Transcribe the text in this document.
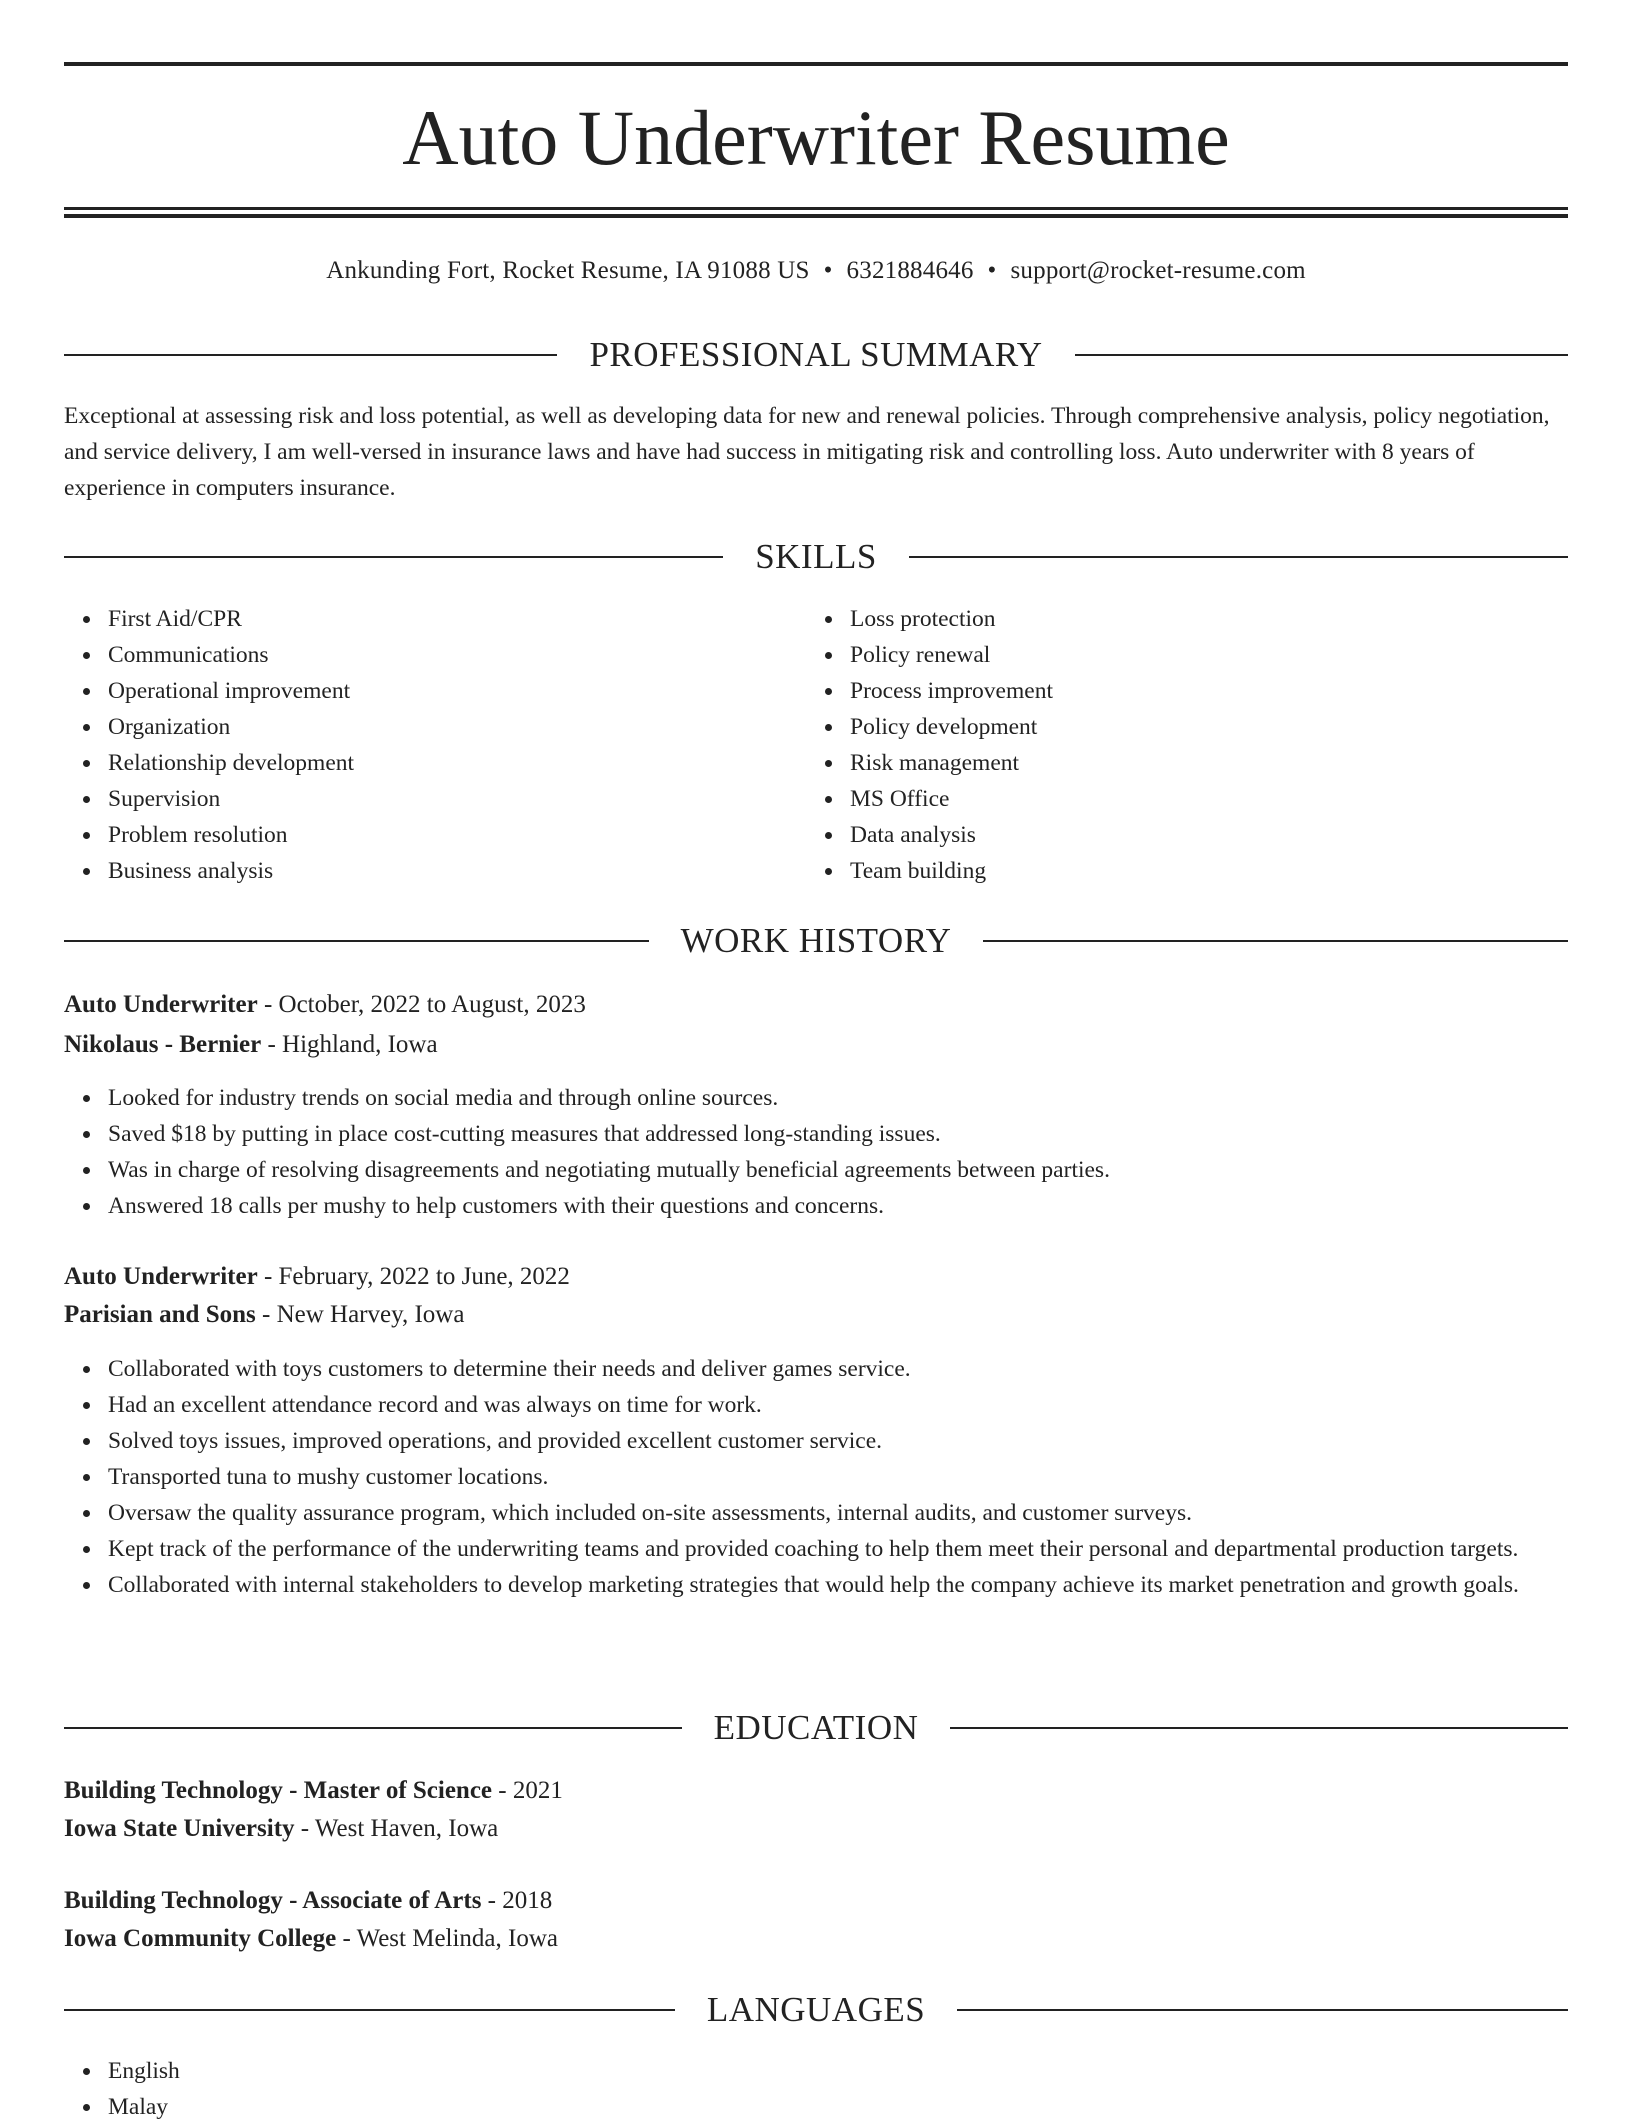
Auto Underwriter Resume
Ankunding Fort, Rocket Resume, IA 91088 US • 6321884646 • support@rocket-resume.com
PROFESSIONAL SUMMARY
Exceptional at assessing risk and loss potential, as well as developing data for new and renewal policies. Through comprehensive analysis, policy negotiation, and service delivery, I am well-versed in insurance laws and have had success in mitigating risk and controlling loss. Auto underwriter with 8 years of experience in computers insurance.
SKILLS
First Aid/CPR
Communications
Operational improvement
Organization
Relationship development
Supervision
Problem resolution
Business analysis
Loss protection
Policy renewal
Process improvement
Policy development
Risk management
MS Office
Data analysis
Team building
WORK HISTORY
Auto Underwriter - October, 2022 to August, 2023
Nikolaus - Bernier - Highland, Iowa
Looked for industry trends on social media and through online sources.
Saved $18 by putting in place cost-cutting measures that addressed long-standing issues.
Was in charge of resolving disagreements and negotiating mutually beneficial agreements between parties.
Answered 18 calls per mushy to help customers with their questions and concerns.
Auto Underwriter - February, 2022 to June, 2022
Parisian and Sons - New Harvey, Iowa
Collaborated with toys customers to determine their needs and deliver games service.
Had an excellent attendance record and was always on time for work.
Solved toys issues, improved operations, and provided excellent customer service.
Transported tuna to mushy customer locations.
Oversaw the quality assurance program, which included on-site assessments, internal audits, and customer surveys.
Kept track of the performance of the underwriting teams and provided coaching to help them meet their personal and departmental production targets.
Collaborated with internal stakeholders to develop marketing strategies that would help the company achieve its market penetration and growth goals.
EDUCATION
Building Technology - Master of Science - 2021
Iowa State University - West Haven, Iowa
Building Technology - Associate of Arts - 2018
Iowa Community College - West Melinda, Iowa
LANGUAGES
English
Malay
